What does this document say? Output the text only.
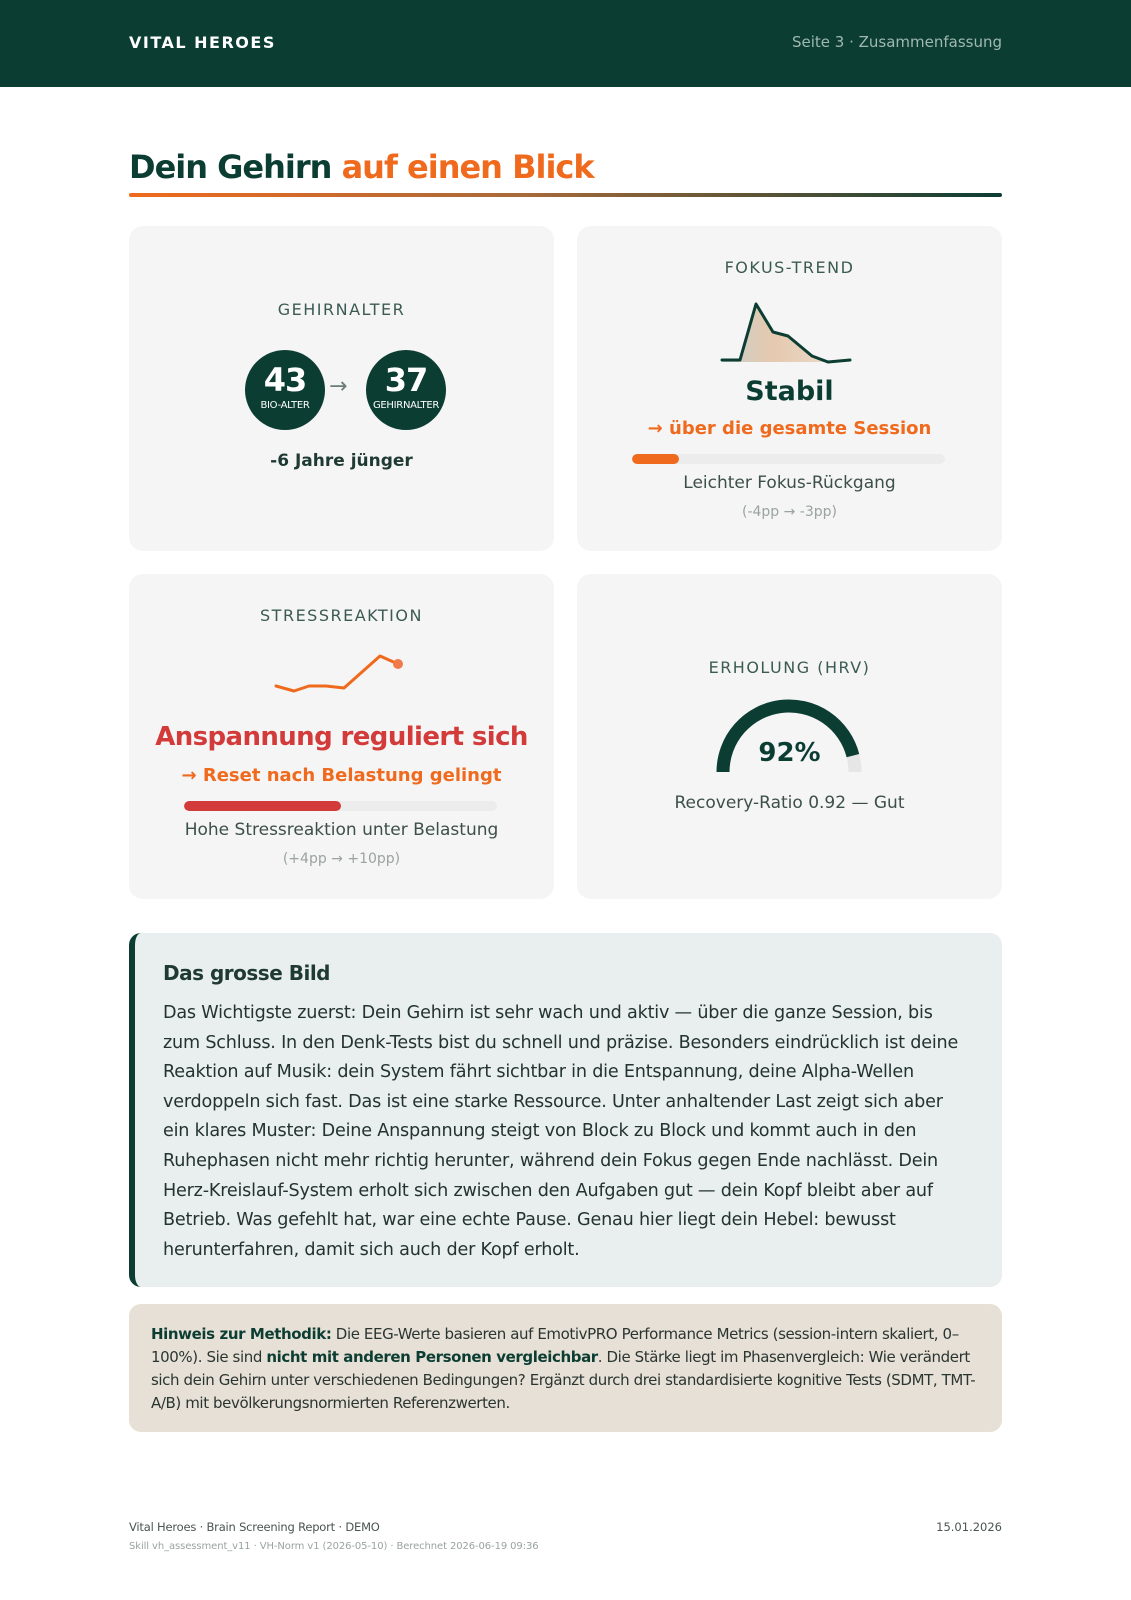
VITAL HEROES	Seite 3 · Zusammenfassung
Dein Gehirn auf einen Blick
GEHIRNALTER
43
BIO-ALTER
→	37
GEHIRNALTER
-6 Jahre jünger
FOKUS-TREND
Stabil
→ über die gesamte Session
Leichter Fokus-Rückgang
(-4pp → -3pp)
STRESSREAKTION
Anspannung reguliert sich
→ Reset nach Belastung gelingt
Hohe Stressreaktion unter Belastung
(+4pp → +10pp)
ERHOLUNG (HRV)
92%
Recovery-Ratio 0.92 — Gut
Das grosse Bild

Das Wichtigste zuerst: Dein Gehirn ist sehr wach und aktiv — über die ganze Session, bis zum Schluss. In den Denk-Tests bist du schnell und präzise. Besonders eindrücklich ist deine Reaktion auf Musik: dein System fährt sichtbar in die Entspannung, deine Alpha-Wellen verdoppeln sich fast. Das ist eine starke Ressource. Unter anhaltender Last zeigt sich aber ein klares Muster: Deine Anspannung steigt von Block zu Block und kommt auch in den Ruhephasen nicht mehr richtig herunter, während dein Fokus gegen Ende nachlässt. Dein Herz-Kreislauf-System erholt sich zwischen den Aufgaben gut — dein Kopf bleibt aber auf Betrieb. Was gefehlt hat, war eine echte Pause. Genau hier liegt dein Hebel: bewusst herunterfahren, damit sich auch der Kopf erholt.

Hinweis zur Methodik: Die EEG-Werte basieren auf EmotivPRO Performance Metrics (session-intern skaliert, 0–100%). Sie sind nicht mit anderen Personen vergleichbar. Die Stärke liegt im Phasenvergleich: Wie verändert sich dein Gehirn unter verschiedenen Bedingungen? Ergänzt durch drei standardisierte kognitive Tests (SDMT, TMT-A/B) mit bevölkerungsnormierten Referenzwerten.

Vital Heroes · Brain Screening Report · DEMO
Skill vh_assessment_v11 · VH-Norm v1 (2026-05-10) · Berechnet 2026-06-19 09:36
15.01.2026
